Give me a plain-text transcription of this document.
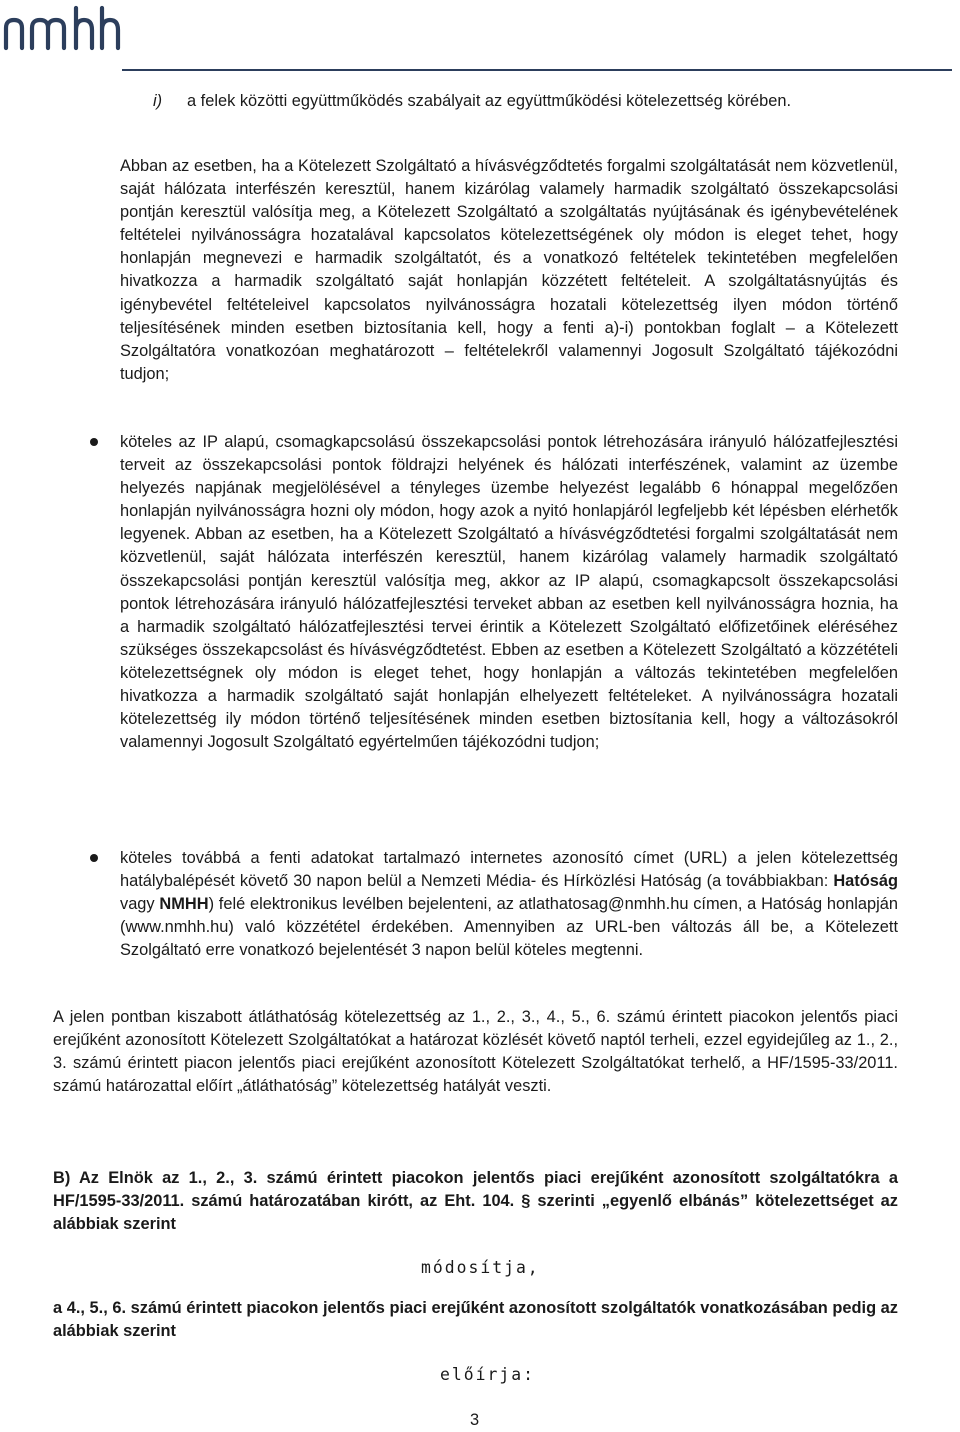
i) a felek közötti együttműködés szabályait az együttműködési kötelezettség körében.

Abban az esetben, ha a Kötelezett Szolgáltató a hívásvégződtetés forgalmi szolgáltatását nem közvetlenül, saját hálózata interfészén keresztül, hanem kizárólag valamely harmadik szolgáltató összekapcsolási pontján keresztül valósítja meg, a Kötelezett Szolgáltató a szolgáltatás nyújtásának és igénybevételének feltételei nyilvánosságra hozatalával kapcsolatos kötelezettségének oly módon is eleget tehet, hogy honlapján megnevezi e harmadik szolgáltatót, és a vonatkozó feltételek tekintetében megfelelően hivatkozza a harmadik szolgáltató saját honlapján közzétett feltételeit. A szolgáltatásnyújtás és igénybevétel feltételeivel kapcsolatos nyilvánosságra hozatali kötelezettség ilyen módon történő teljesítésének minden esetben biztosítania kell, hogy a fenti a)-i) pontokban foglalt – a Kötelezett Szolgáltatóra vonatkozóan meghatározott – feltételekről valamennyi Jogosult Szolgáltató tájékozódni tudjon;

köteles az IP alapú, csomagkapcsolású összekapcsolási pontok létrehozására irányuló hálózatfejlesztési terveit az összekapcsolási pontok földrajzi helyének és hálózati interfészének, valamint az üzembe helyezés napjának megjelölésével a tényleges üzembe helyezést legalább 6 hónappal megelőzően honlapján nyilvánosságra hozni oly módon, hogy azok a nyitó honlapjáról legfeljebb két lépésben elérhetők legyenek. Abban az esetben, ha a Kötelezett Szolgáltató a hívásvégződtetési forgalmi szolgáltatását nem közvetlenül, saját hálózata interfészén keresztül, hanem kizárólag valamely harmadik szolgáltató összekapcsolási pontján keresztül valósítja meg, akkor az IP alapú, csomagkapcsolt összekapcsolási pontok létrehozására irányuló hálózatfejlesztési terveket abban az esetben kell nyilvánosságra hoznia, ha a harmadik szolgáltató hálózatfejlesztési tervei érintik a Kötelezett Szolgáltató előfizetőinek eléréséhez szükséges összekapcsolást és hívásvégződtetést. Ebben az esetben a Kötelezett Szolgáltató a közzétételi kötelezettségnek oly módon is eleget tehet, hogy honlapján a változás tekintetében megfelelően hivatkozza a harmadik szolgáltató saját honlapján elhelyezett feltételeket. A nyilvánosságra hozatali kötelezettség ily módon történő teljesítésének minden esetben biztosítania kell, hogy a változásokról valamennyi Jogosult Szolgáltató egyértelműen tájékozódni tudjon;

köteles továbbá a fenti adatokat tartalmazó internetes azonosító címet (URL) a jelen kötelezettség hatálybalépését követő 30 napon belül a Nemzeti Média- és Hírközlési Hatóság (a továbbiakban: Hatóság vagy NMHH) felé elektronikus levélben bejelenteni, az atlathatosag@nmhh.hu címen, a Hatóság honlapján (www.nmhh.hu) való közzététel érdekében. Amennyiben az URL-ben változás áll be, a Kötelezett Szolgáltató erre vonatkozó bejelentését 3 napon belül köteles megtenni.

A jelen pontban kiszabott átláthatóság kötelezettség az 1., 2., 3., 4., 5., 6. számú érintett piacokon jelentős piaci erejűként azonosított Kötelezett Szolgáltatókat a határozat közlését követő naptól terheli, ezzel egyidejűleg az 1., 2., 3. számú érintett piacon jelentős piaci erejűként azonosított Kötelezett Szolgáltatókat terhelő, a HF/1595-33/2011. számú határozattal előírt „átláthatóság” kötelezettség hatályát veszti.

B) Az Elnök az 1., 2., 3. számú érintett piacokon jelentős piaci erejűként azonosított szolgáltatókra a HF/1595-33/2011. számú határozatában kirótt, az Eht. 104. § szerinti „egyenlő elbánás” kötelezettséget az alábbiak szerint

módosítja,

a 4., 5., 6. számú érintett piacokon jelentős piaci erejűként azonosított szolgáltatók vonatkozásában pedig az alábbiak szerint

előírja:
3
